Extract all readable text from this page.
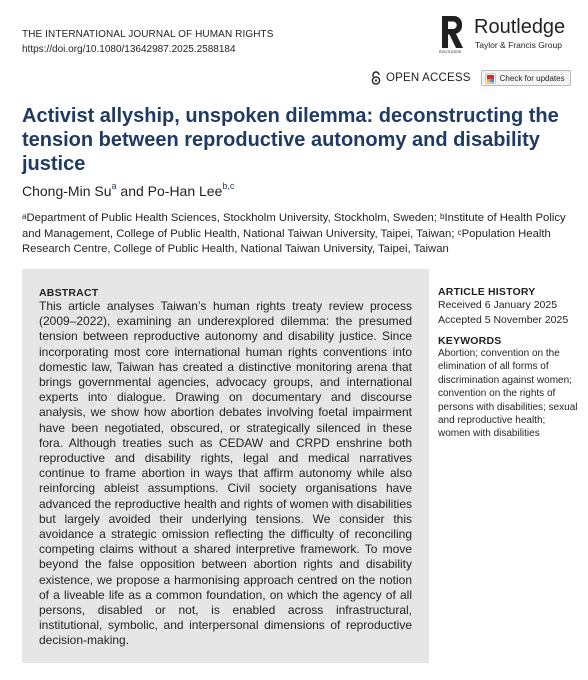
THE INTERNATIONAL JOURNAL OF HUMAN RIGHTS
https://doi.org/10.1080/13642987.2025.2588184	ROUTLEDGE
Routledge
Taylor & Francis Group
OPEN ACCESS	Check for updates
Activist allyship, unspoken dilemma: deconstructing the tension between reproductive autonomy and disability justice
Chong-Min Su$^a$ and Po-Han Lee$^{b,c}$
$^a$Department of Public Health Sciences, Stockholm University, Stockholm, Sweden; $^b$Institute of Health Policy and Management, College of Public Health, National Taiwan University, Taipei, Taiwan; $^c$Population Health Research Centre, College of Public Health, National Taiwan University, Taipei, Taiwan
ABSTRACT

This article analyses Taiwan’s human rights treaty review process (2009–2022), examining an underexplored dilemma: the presumed tension between reproductive autonomy and disability justice. Since incorporating most core international human rights conventions into domestic law, Taiwan has created a distinctive monitoring arena that brings governmental agencies, advocacy groups, and international experts into dialogue. Drawing on documentary and discourse analysis, we show how abortion debates involving foetal impairment have been negotiated, obscured, or strategically silenced in these fora. Although treaties such as CEDAW and CRPD enshrine both reproductive and disability rights, legal and medical narratives continue to frame abortion in ways that affirm autonomy while also reinforcing ableist assumptions. Civil society organisations have advanced the reproductive health and rights of women with disabilities but largely avoided their underlying tensions. We consider this avoidance a strategic omission reflecting the difficulty of reconciling competing claims without a shared interpretive framework. To move beyond the false opposition between abortion rights and disability existence, we propose a harmonising approach centred on the notion of a liveable life as a common foundation, on which the agency of all persons, disabled or not, is enabled across infrastructural, institutional, symbolic, and interpersonal dimensions of reproductive decision-making.

ARTICLE HISTORY
Received 6 January 2025
Accepted 5 November 2025
KEYWORDS
Abortion; convention on the elimination of all forms of discrimination against women; convention on the rights of persons with disabilities; sexual and reproductive health; women with disabilities
